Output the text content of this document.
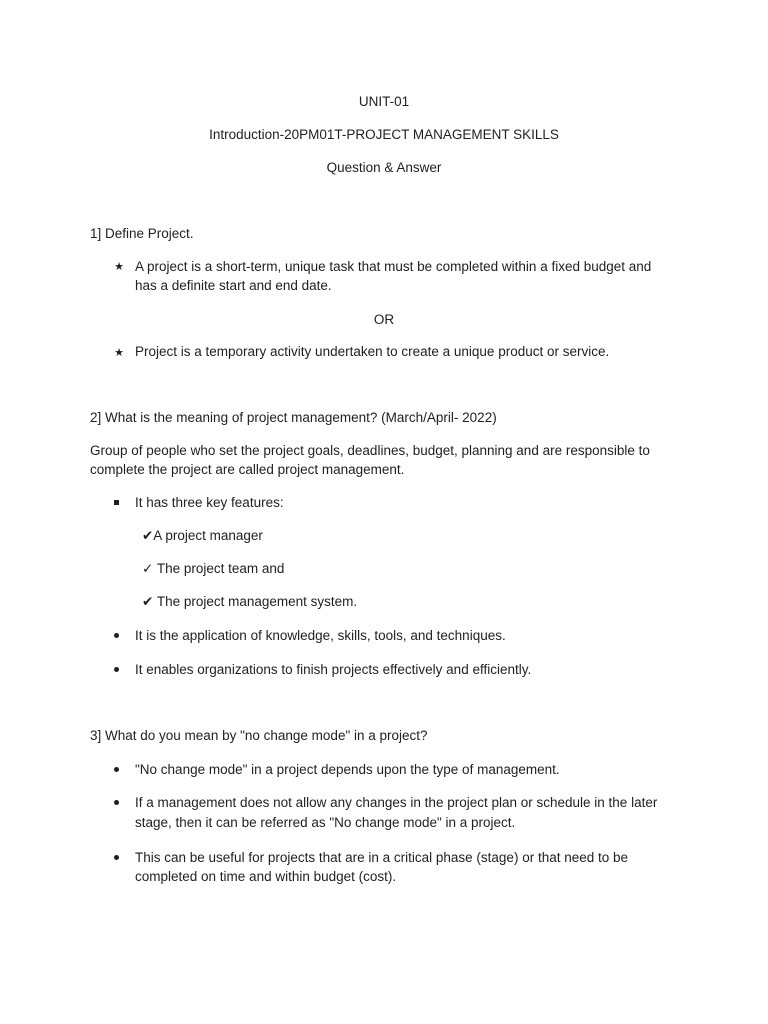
UNIT-01

Introduction-20PM01T-PROJECT MANAGEMENT SKILLS

Question & Answer

1] Define Project.

★ A project is a short-term, unique task that must be completed within a fixed budget and

has a definite start and end date.

OR

★ Project is a temporary activity undertaken to create a unique product or service.

2] What is the meaning of project management? (March/April- 2022)

Group of people who set the project goals, deadlines, budget, planning and are responsible to

complete the project are called project management.

It has three key features:

✔A project manager

✓ The project team and

✔ The project management system.

It is the application of knowledge, skills, tools, and techniques.

It enables organizations to finish projects effectively and efficiently.

3] What do you mean by "no change mode" in a project?

"No change mode" in a project depends upon the type of management.

If a management does not allow any changes in the project plan or schedule in the later

stage, then it can be referred as "No change mode" in a project.

This can be useful for projects that are in a critical phase (stage) or that need to be

completed on time and within budget (cost).
